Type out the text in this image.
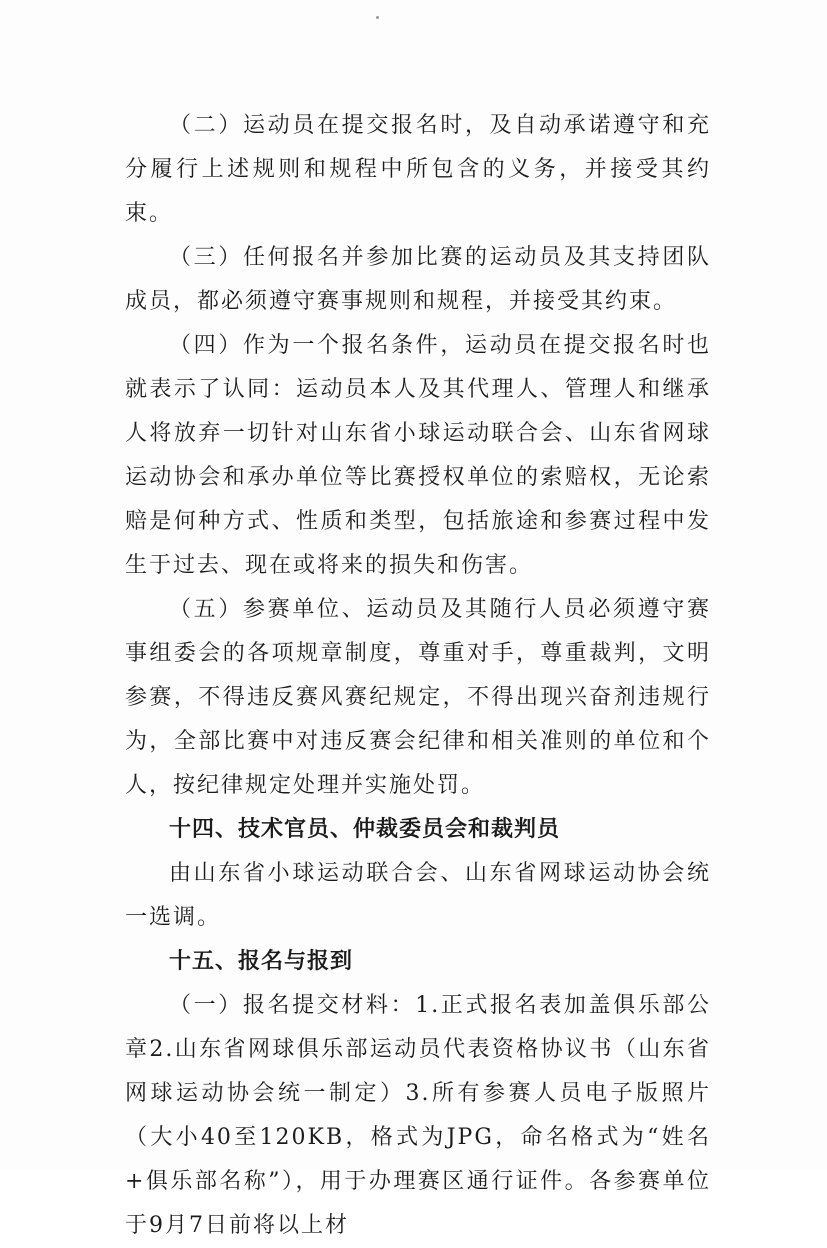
（二）运动员在提交报名时，及自动承诺遵守和充分履行上述规则和规程中所包含的义务，并接受其约束。

（三）任何报名并参加比赛的运动员及其支持团队成员，都必须遵守赛事规则和规程，并接受其约束。

（四）作为一个报名条件，运动员在提交报名时也就表示了认同：运动员本人及其代理人、管理人和继承人将放弃一切针对山东省小球运动联合会、山东省网球运动协会和承办单位等比赛授权单位的索赔权，无论索赔是何种方式、性质和类型，包括旅途和参赛过程中发生于过去、现在或将来的损失和伤害。

（五）参赛单位、运动员及其随行人员必须遵守赛事组委会的各项规章制度，尊重对手，尊重裁判，文明参赛，不得违反赛风赛纪规定，不得出现兴奋剂违规行为，全部比赛中对违反赛会纪律和相关准则的单位和个人，按纪律规定处理并实施处罚。

十四、技术官员、仲裁委员会和裁判员

由山东省小球运动联合会、山东省网球运动协会统一选调。

十五、报名与报到

（一）报名提交材料：1.正式报名表加盖俱乐部公章2.山东省网球俱乐部运动员代表资格协议书（山东省网球运动协会统一制定）3.所有参赛人员电子版照片（大小40至120KB，格式为JPG，命名格式为“姓名+俱乐部名称”），用于办理赛区通行证件。各参赛单位于9月7日前将以上材
